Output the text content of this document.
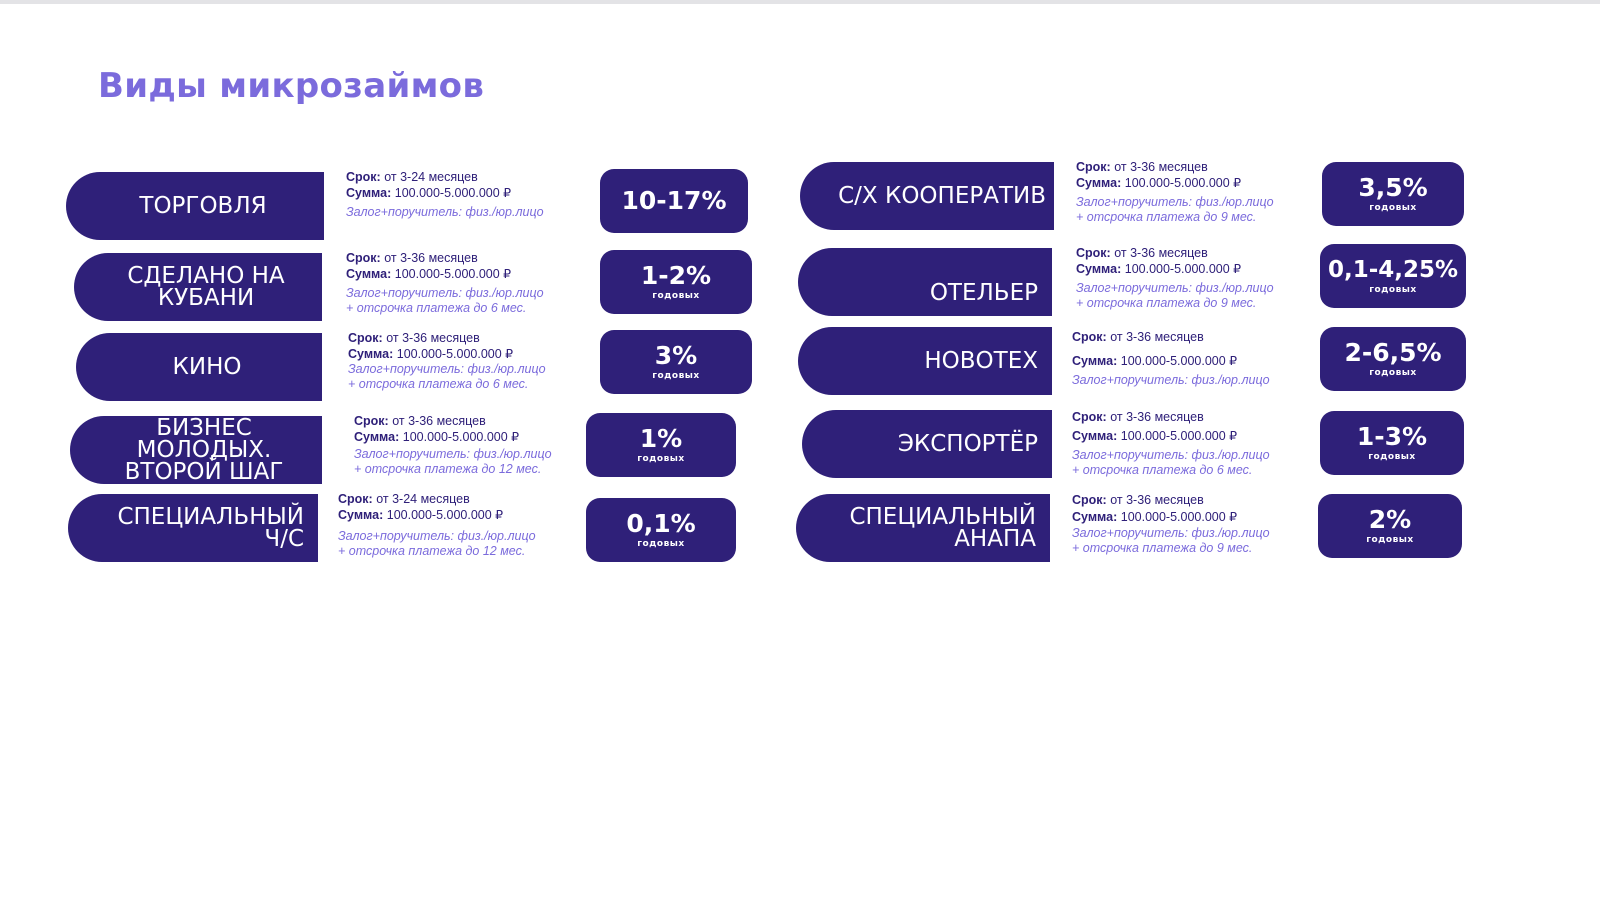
Виды микрозаймов
ТОРГОВЛЯ
Срок: от 3-24 месяцев
Сумма: 100.000-5.000.000 ₽
Залог+поручитель: физ./юр.лицо	10-17%
СДЕЛАНО НА
КУБАНИ
Срок: от 3-36 месяцев
Сумма: 100.000-5.000.000 ₽
Залог+поручитель: физ./юр.лицо
+ отсрочка платежа до 6 мес.
1-2%
годовых
КИНО
Срок: от 3-36 месяцев
Сумма: 100.000-5.000.000 ₽
Залог+поручитель: физ./юр.лицо
+ отсрочка платежа до 6 мес.
3%
годовых
БИЗНЕС
МОЛОДЫХ.
ВТОРОЙ ШАГ
Срок: от 3-36 месяцев
Сумма: 100.000-5.000.000 ₽
Залог+поручитель: физ./юр.лицо
+ отсрочка платежа до 12 мес.
1%
годовых
СПЕЦИАЛЬНЫЙ
Ч/С
Срок: от 3-24 месяцев
Сумма: 100.000-5.000.000 ₽
Залог+поручитель: физ./юр.лицо
+ отсрочка платежа до 12 мес.
0,1%
годовых
С/Х КООПЕРАТИВ
Срок: от 3-36 месяцев
Сумма: 100.000-5.000.000 ₽
Залог+поручитель: физ./юр.лицо
+ отсрочка платежа до 9 мес.
3,5%
годовых
ОТЕЛЬЕР
Срок: от 3-36 месяцев
Сумма: 100.000-5.000.000 ₽
Залог+поручитель: физ./юр.лицо
+ отсрочка платежа до 9 мес.
0,1-4,25%
годовых
НОВОТЕХ
Срок: от 3-36 месяцев
Сумма: 100.000-5.000.000 ₽
Залог+поручитель: физ./юр.лицо
2-6,5%
годовых
ЭКСПОРТЁР
Срок: от 3-36 месяцев
Сумма: 100.000-5.000.000 ₽
Залог+поручитель: физ./юр.лицо
+ отсрочка платежа до 6 мес.
1-3%
годовых
СПЕЦИАЛЬНЫЙ
АНАПА
Срок: от 3-36 месяцев
Сумма: 100.000-5.000.000 ₽
Залог+поручитель: физ./юр.лицо
+ отсрочка платежа до 9 мес.
2%
годовых
